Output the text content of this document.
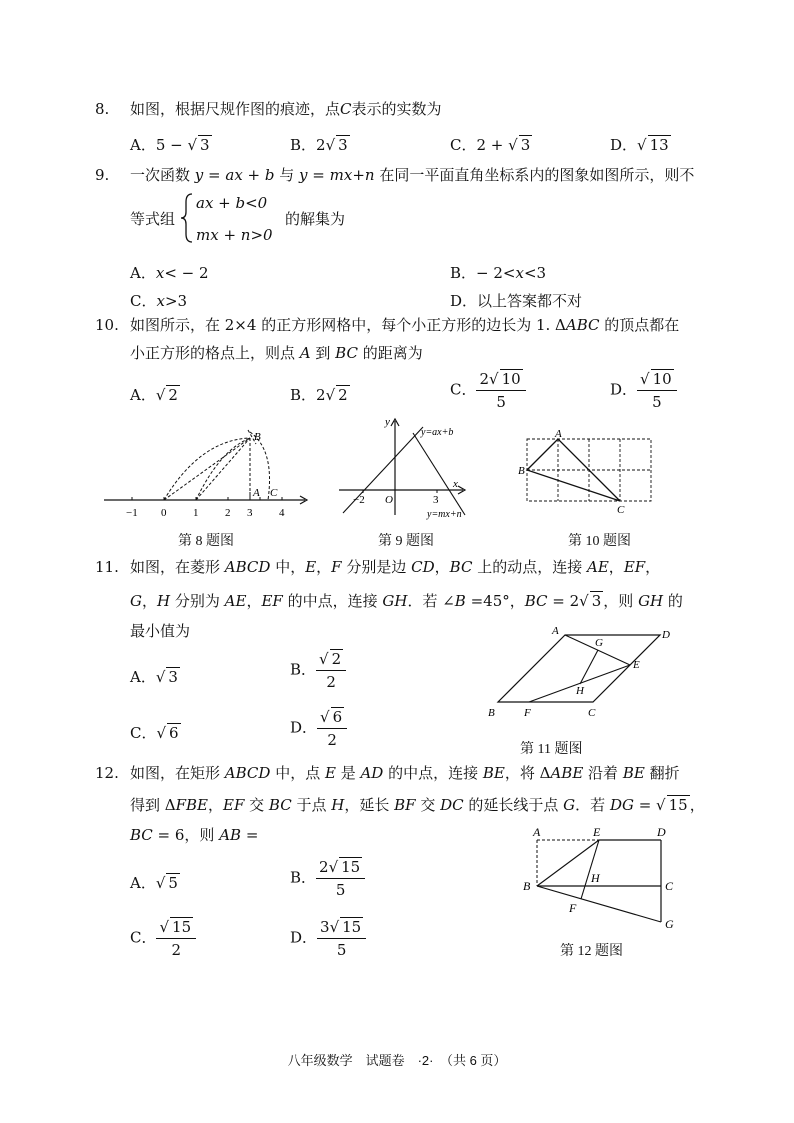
8. 如图，根据尺规作图的痕迹，点C表示的实数为
A．5 − √ 3	B．2√ 3	C．2 + √ 3	D．√ 13
9. 一次函数 y = ax + b 与 y = mx+n 在同一平面直角坐标系内的图象如图所示，则不
等式组
ax + b<0
mx + n>0
的解集为
A．x< − 2	B．− 2<x<3
C．x>3	D．以上答案都不对
10. 如图所示，在 2×4 的正方形网格中，每个小正方形的边长为 1. ΔABC 的顶点都在
小正方形的格点上，则点 A 到 BC 的距离为
A．√ 2	B．2√ 2	C． $\frac{2√ 10}{5}$	D． $\frac{√ 10}{5}$
−1 0 1 2 3 4
B
A C
第 8 题图
y
x
O
−2	3
y=ax+b
y=mx+n
第 9 题图
A
B
C
第 10 题图
11. 如图，在菱形 ABCD 中，E，F 分别是边 CD，BC 上的动点，连接 AE，EF，
G，H 分别为 AE，EF 的中点，连接 GH．若 ∠B =45°，BC = 2√ 3 ，则 GH 的
最小值为
A．√ 3	B． $\frac{√ 2}{2}$
C．√ 6	D． $\frac{√ 6}{2}$
A
G
D
E
H
B	F	C
第 11 题图
12. 如图，在矩形 ABCD 中，点 E 是 AD 的中点，连接 BE，将 ΔABE 沿着 BE 翻折
得到 ΔFBE，EF 交 BC 于点 H，延长 BF 交 DC 的延长线于点 G．若 DG = √ 15 ，
BC = 6，则 AB =
A．√ 5	B． $\frac{2√ 15}{5}$
C． $\frac{√ 15}{2}$	D． $\frac{3√ 15}{5}$
A	E	D
B
H
C
F
G
第 12 题图
八年级数学　试题卷　·2·　（共 6 页）
